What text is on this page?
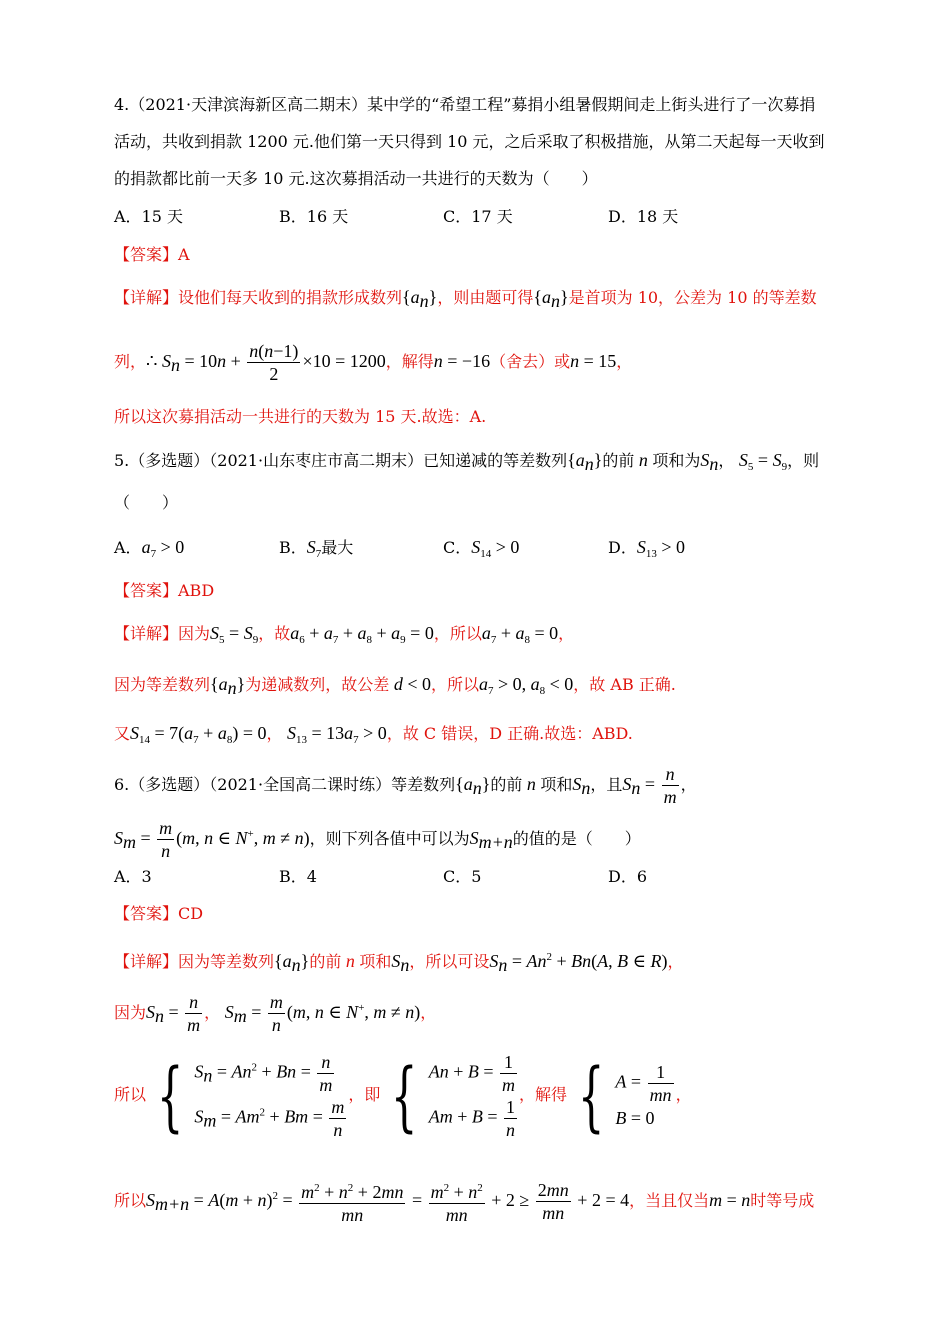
4.（2021·天津滨海新区高二期末）某中学的“希望工程”募捐小组暑假期间走上街头进行了一次募捐
活动，共收到捐款 1200 元.他们第一天只得到 10 元，之后采取了积极措施，从第二天起每一天收到
的捐款都比前一天多 10 元.这次募捐活动一共进行的天数为（　　）
A．15 天	B．16 天	C．17 天	D．18 天
【答案】A
【详解】设他们每天收到的捐款形成数列$\{a_n\}$，则由题可得$\{a_n\}$是首项为 10，公差为 10 的等差数
列，∴ $S_n = 10n + \frac{n(n-1)}{2} \times 10 = 1200$，解得n = −16（舍去）或n = 15，
所以这次募捐活动一共进行的天数为 15 天.故选：A.
5.（多选题）（2021·山东枣庄市高二期末）已知递减的等差数列$\{a_n\}$的前 n 项和为$S_n$， $S_5 = S_9$，则
（　　）
A．$a_7 > 0$	B．$S_7$最大	C．$S_{14} > 0$	D．$S_{13} > 0$
【答案】ABD
【详解】因为$S_5 = S_9$，故$a_6 + a_7 + a_8 + a_9 = 0$，所以$a_7 + a_8 = 0$，
因为等差数列$\{a_n\}$为递减数列，故公差 d < 0，所以$a_7 > 0$, $a_8 < 0$，故 AB 正确.
又$S_{14} = 7(a_7 + a_8) = 0$， $S_{13} = 13a_7 > 0$，故 C 错误，D 正确.故选：ABD.
6.（多选题）（2021·全国高二课时练）等差数列$\{a_n\}$的前 n 项和$S_n$，且$S_n = \frac{n}{m}$ ，
$S_m = \frac{m}{n} (m$, n ∈ N+, m ≠ n)，则下列各值中可以为$S_{m+n}$的值的是（　　）
A．3	B．4	C．5	D．6
【答案】CD
【详解】因为等差数列$\{a_n\}$的前 n 项和$S_n$，所以可设$S_n = An^2 + Bn(A$, B ∈ R)，
因为$S_n = \frac{n}{m}$ ， $S_m = \frac{m}{n} (m$, n ∈ N+, m ≠ n)，
所以 { $S_n = An^2 + Bn = \frac{n}{m}$
$S_m = Am^2 + Bm = \frac{m}{n}$
，即 { $An + B = \frac{1}{m}$
$Am + B = \frac{1}{n}$
，解得 { $A = \frac{1}{mn}$
B = 0
，
所以$S_{m+n} = A(m + n)^2 = \frac{m^2 + n^2 + 2mn}{mn} = \frac{m^2 + n^2}{mn} + 2 \ge \frac{2mn}{mn} + 2 = 4$，当且仅当m = n时等号成
